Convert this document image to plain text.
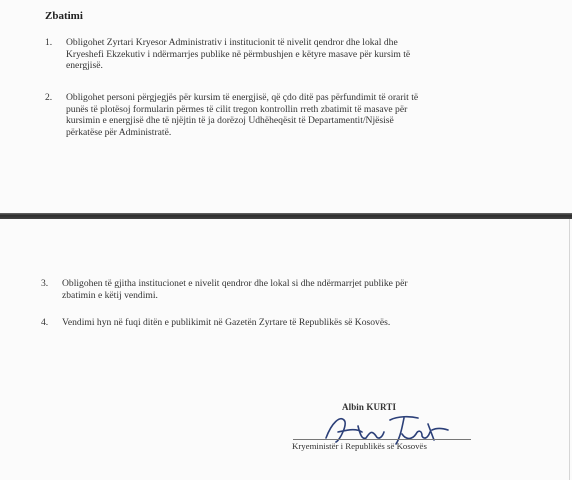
Zbatimi
1. Obligohet Zyrtari Kryesor Administrativ i institucionit të nivelit qendror dhe lokal dhe
Kryeshefi Ekzekutiv i ndërmarrjes publike në përmbushjen e këtyre masave për kursim të
energjisë.
2. Obligohet personi përgjegjës për kursim të energjisë, që çdo ditë pas përfundimit të orarit të
punës të plotësoj formularin përmes të cilit tregon kontrollin rreth zbatimit të masave për
kursimin e energjisë dhe të njëjtin të ja dorëzoj Udhëheqësit të Departamentit/Njësisë
përkatëse për Administratë.
3. Obligohen të gjitha institucionet e nivelit qendror dhe lokal si dhe ndërmarrjet publike për
zbatimin e këtij vendimi.
4. Vendimi hyn në fuqi ditën e publikimit në Gazetën Zyrtare të Republikës së Kosovës.
Albin KURTI
Kryeministër i Republikës së Kosovës
